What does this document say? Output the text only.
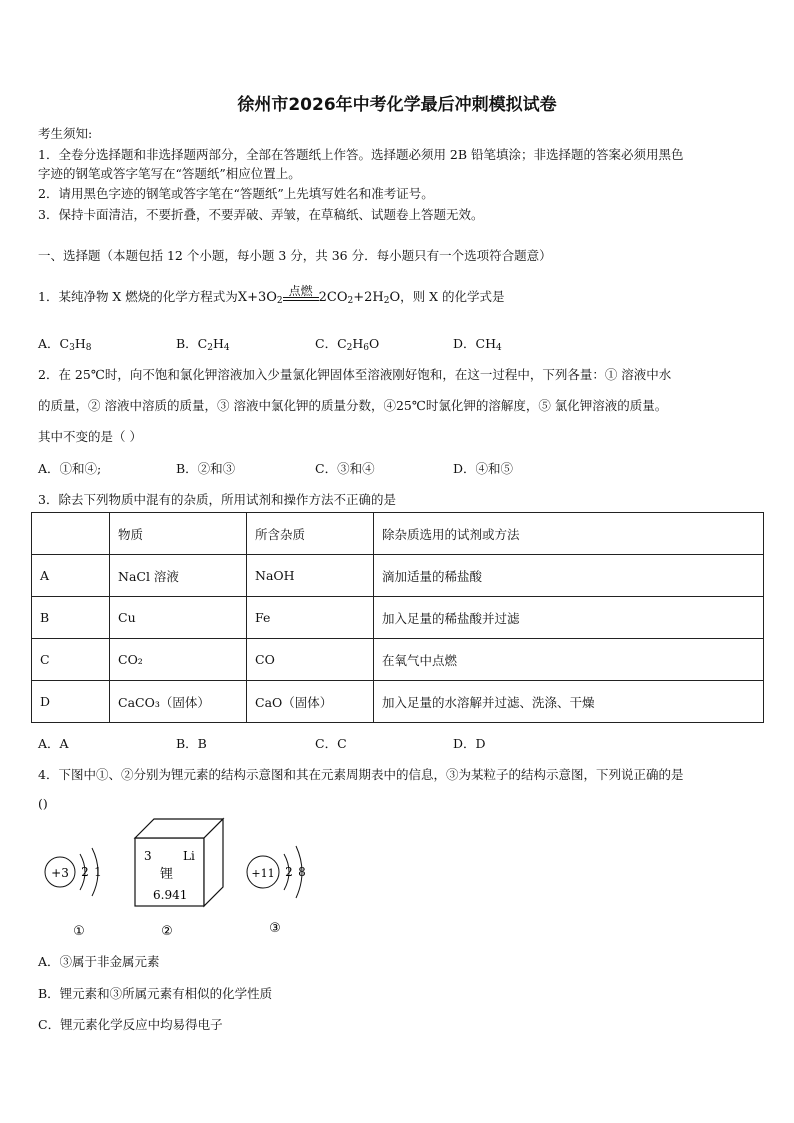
徐州市2026年中考化学最后冲刺模拟试卷
考生须知:
1．全卷分选择题和非选择题两部分，全部在答题纸上作答。选择题必须用 2B 铅笔填涂；非选择题的答案必须用黑色
字迹的钢笔或答字笔写在“答题纸”相应位置上。
2．请用黑色字迹的钢笔或答字笔在“答题纸”上先填写姓名和准考证号。
3．保持卡面清洁，不要折叠，不要弄破、弄皱，在草稿纸、试题卷上答题无效。
一、选择题（本题包括 12 个小题，每小题 3 分，共 36 分．每小题只有一个选项符合题意）
1．某纯净物 X 燃烧的化学方程式为$X+3O_2$
点燃 $2CO_2+2H_2O$，则 X 的化学式是
A．$C_3H_8$	B．$C_2H_4$	C．$C_2H_6O$	D．$CH_4$
2．在 25℃时，向不饱和氯化钾溶液加入少量氯化钾固体至溶液刚好饱和，在这一过程中，下列各量：① 溶液中水
的质量，② 溶液中溶质的质量，③ 溶液中氯化钾的质量分数，④25℃时氯化钾的溶解度，⑤ 氯化钾溶液的质量。
其中不变的是（ ）
A．①和④;	B．②和③	C．③和④	D．④和⑤
3．除去下列物质中混有的杂质，所用试剂和操作方法不正确的是
	物质	所含杂质	除杂质选用的试剂或方法
A	NaCl 溶液	NaOH	滴加适量的稀盐酸
B	Cu	Fe	加入足量的稀盐酸并过滤
C	CO₂	CO	在氧气中点燃
D	CaCO₃（固体）	CaO（固体）	加入足量的水溶解并过滤、洗涤、干燥
A．A	B．B	C．C	D．D
4．下图中①、②分别为锂元素的结构示意图和其在元素周期表中的信息，③为某粒子的结构示意图，下列说正确的是
()
+3 2 1
①
3	Li
锂
6.941
②
+11 2 8
③
A．③属于非金属元素
B．锂元素和③所属元素有相似的化学性质
C．锂元素化学反应中均易得电子
